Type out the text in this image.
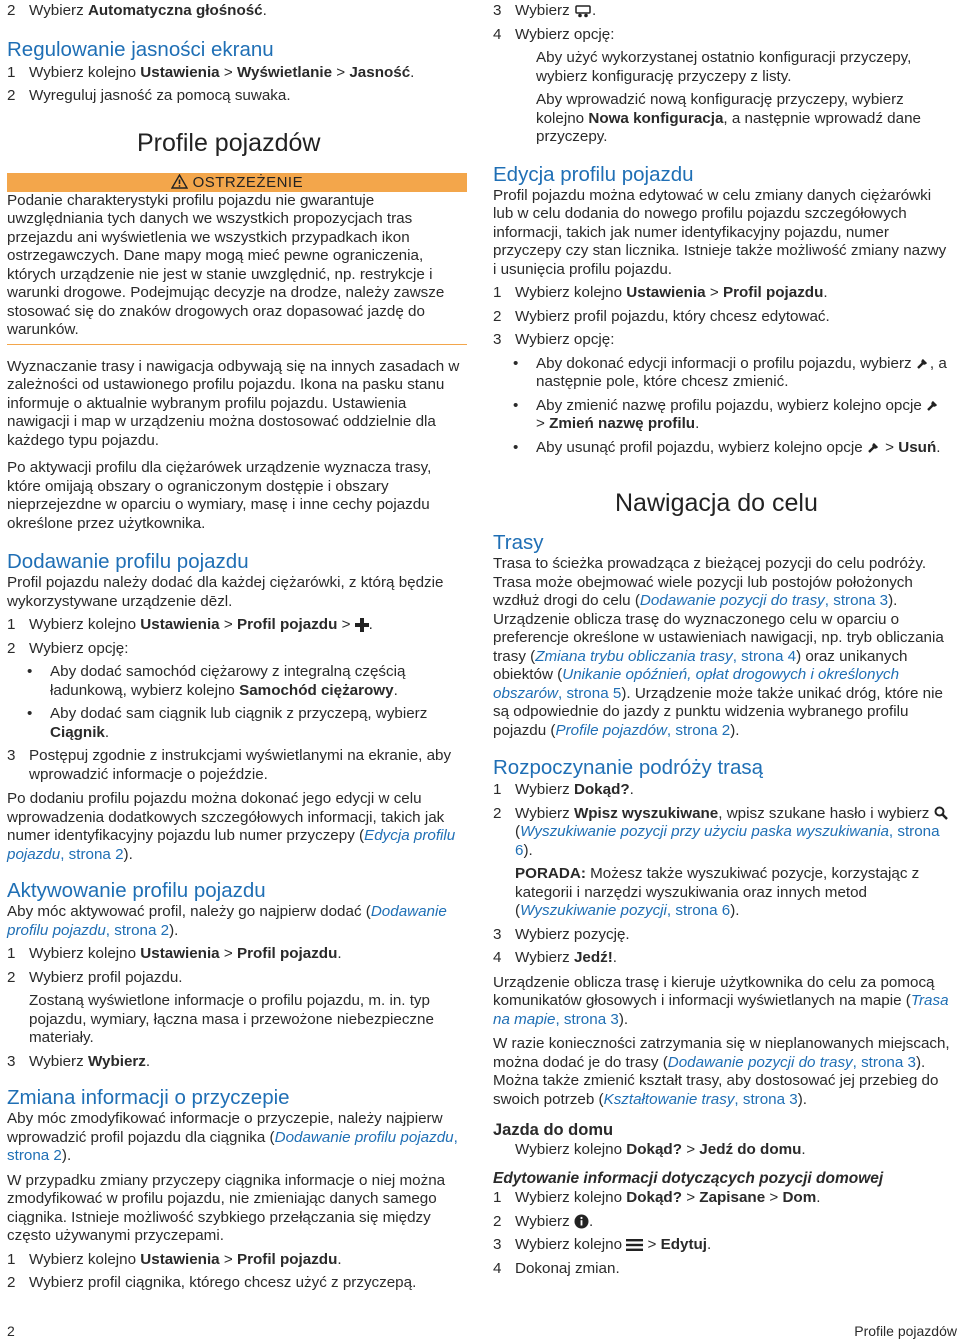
2 Wybierz Automatyczna głośność.

Regulowanie jasności ekranu

1 Wybierz kolejno Ustawienia > Wyświetlanie > Jasność.

2 Wyreguluj jasność za pomocą suwaka.

Profile pojazdów
OSTRZEŻENIE

Podanie charakterystyki profilu pojazdu nie gwarantuje uwzględniania tych danych we wszystkich propozycjach tras przejazdu ani wyświetlenia we wszystkich przypadkach ikon ostrzegawczych. Dane mapy mogą mieć pewne ograniczenia, których urządzenie nie jest w stanie uwzględnić, np. restrykcje i warunki drogowe. Podejmując decyzje na drodze, należy zawsze stosować się do znaków drogowych oraz dopasować jazdę do warunków.

Wyznaczanie trasy i nawigacja odbywają się na innych zasadach w zależności od ustawionego profilu pojazdu. Ikona na pasku stanu informuje o aktualnie wybranym profilu pojazdu. Ustawienia nawigacji i map w urządzeniu można dostosować oddzielnie dla każdego typu pojazdu.

Po aktywacji profilu dla ciężarówek urządzenie wyznacza trasy, które omijają obszary o ograniczonym dostępie i obszary nieprzejezdne w oparciu o wymiary, masę i inne cechy pojazdu określone przez użytkownika.

Dodawanie profilu pojazdu

Profil pojazdu należy dodać dla każdej ciężarówki, z którą będzie wykorzystywane urządzenie dēzl.

1 Wybierz kolejno Ustawienia > Profil pojazdu > .

2 Wybierz opcję:

• Aby dodać samochód ciężarowy z integralną częścią ładunkową, wybierz kolejno Samochód ciężarowy.

• Aby dodać sam ciągnik lub ciągnik z przyczepą, wybierz Ciągnik.

3 Postępuj zgodnie z instrukcjami wyświetlanymi na ekranie, aby wprowadzić informacje o pojeździe.

Po dodaniu profilu pojazdu można dokonać jego edycji w celu wprowadzenia dodatkowych szczegółowych informacji, takich jak numer identyfikacyjny pojazdu lub numer przyczepy (Edycja profilu pojazdu, strona 2).

Aktywowanie profilu pojazdu

Aby móc aktywować profil, należy go najpierw dodać (Dodawanie profilu pojazdu, strona 2).

1 Wybierz kolejno Ustawienia > Profil pojazdu.

2 Wybierz profil pojazdu.

Zostaną wyświetlone informacje o profilu pojazdu, m. in. typ pojazdu, wymiary, łączna masa i przewożone niebezpieczne materiały.

3 Wybierz Wybierz.

Zmiana informacji o przyczepie

Aby móc zmodyfikować informacje o przyczepie, należy najpierw wprowadzić profil pojazdu dla ciągnika (Dodawanie profilu pojazdu, strona 2).

W przypadku zmiany przyczepy ciągnika informacje o niej można zmodyfikować w profilu pojazdu, nie zmieniając danych samego ciągnika. Istnieje możliwość szybkiego przełączania się między często używanymi przyczepami.

1 Wybierz kolejno Ustawienia > Profil pojazdu.

2 Wybierz profil ciągnika, którego chcesz użyć z przyczepą.

3 Wybierz .

4 Wybierz opcję:

Aby użyć wykorzystanej ostatnio konfiguracji przyczepy, wybierz konfigurację przyczepy z listy.

Aby wprowadzić nową konfigurację przyczepy, wybierz kolejno Nowa konfiguracja, a następnie wprowadź dane przyczepy.

Edycja profilu pojazdu

Profil pojazdu można edytować w celu zmiany danych ciężarówki lub w celu dodania do nowego profilu pojazdu szczegółowych informacji, takich jak numer identyfikacyjny pojazdu, numer przyczepy czy stan licznika. Istnieje także możliwość zmiany nazwy i usunięcia profilu pojazdu.

1 Wybierz kolejno Ustawienia > Profil pojazdu.

2 Wybierz profil pojazdu, który chcesz edytować.

3 Wybierz opcję:

• Aby dokonać edycji informacji o profilu pojazdu, wybierz , a następnie pole, które chcesz zmienić.

• Aby zmienić nazwę profilu pojazdu, wybierz kolejno opcje  > Zmień nazwę profilu.

• Aby usunąć profil pojazdu, wybierz kolejno opcje  > Usuń.

Nawigacja do celu
Trasy

Trasa to ścieżka prowadząca z bieżącej pozycji do celu podróży. Trasa może obejmować wiele pozycji lub postojów położonych wzdłuż drogi do celu (Dodawanie pozycji do trasy, strona 3). Urządzenie oblicza trasę do wyznaczonego celu w oparciu o preferencje określone w ustawieniach nawigacji, np. tryb obliczania trasy (Zmiana trybu obliczania trasy, strona 4) oraz unikanych obiektów (Unikanie opóźnień, opłat drogowych i określonych obszarów, strona 5). Urządzenie może także unikać dróg, które nie są odpowiednie do jazdy z punktu widzenia wybranego profilu pojazdu (Profile pojazdów, strona 2).

Rozpoczynanie podróży trasą

1 Wybierz Dokąd?.

2 Wybierz Wpisz wyszukiwane, wpisz szukane hasło i wybierz  (Wyszukiwanie pozycji przy użyciu paska wyszukiwania, strona 6).

PORADA: Możesz także wyszukiwać pozycje, korzystając z kategorii i narzędzi wyszukiwania oraz innych metod (Wyszukiwanie pozycji, strona 6).

3 Wybierz pozycję.

4 Wybierz Jedź!.

Urządzenie oblicza trasę i kieruje użytkownika do celu za pomocą komunikatów głosowych i informacji wyświetlanych na mapie (Trasa na mapie, strona 3).

W razie konieczności zatrzymania się w nieplanowanych miejscach, można dodać je do trasy (Dodawanie pozycji do trasy, strona 3). Można także zmienić kształt trasy, aby dostosować jej przebieg do swoich potrzeb (Kształtowanie trasy, strona 3).

Jazda do domu

Wybierz kolejno Dokąd? > Jedź do domu.

Edytowanie informacji dotyczących pozycji domowej

1 Wybierz kolejno Dokąd? > Zapisane > Dom.

2 Wybierz .

3 Wybierz kolejno  > Edytuj.

4 Dokonaj zmian.

2	Profile pojazdów
